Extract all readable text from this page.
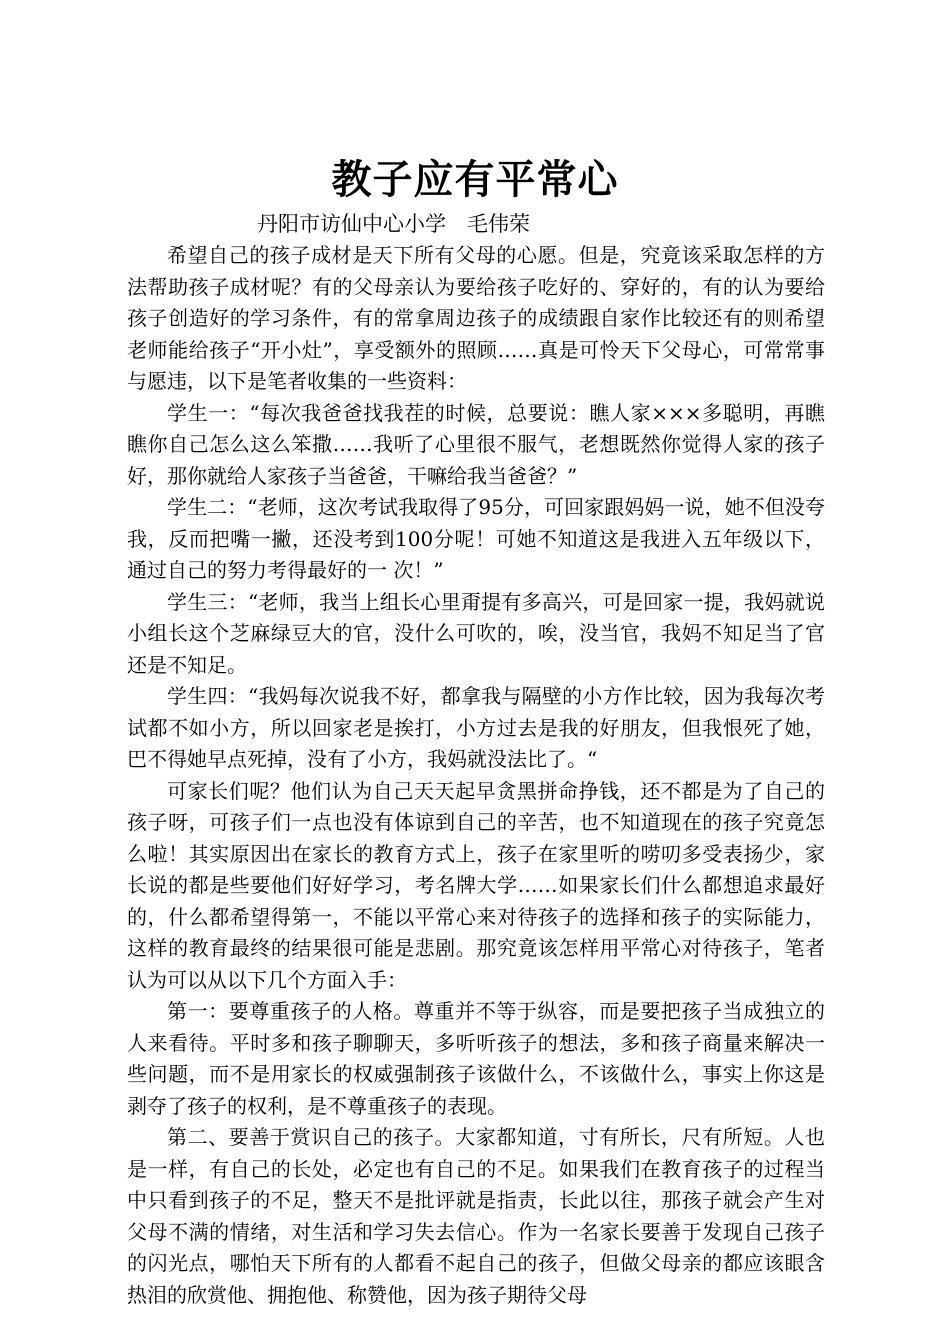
教子应有平常心
丹阳市访仙中心小学　毛伟荣

希望自己的孩子成材是天下所有父母的心愿。但是，究竟该采取怎样的方法帮助孩子成材呢？有的父母亲认为要给孩子吃好的、穿好的，有的认为要给孩子创造好的学习条件，有的常拿周边孩子的成绩跟自家作比较还有的则希望老师能给孩子“开小灶”，享受额外的照顾……真是可怜天下父母心，可常常事与愿违，以下是笔者收集的一些资料：

学生一：“每次我爸爸找我茬的时候，总要说：瞧人家×××多聪明，再瞧瞧你自己怎么这么笨撒……我听了心里很不服气，老想既然你觉得人家的孩子好，那你就给人家孩子当爸爸，干嘛给我当爸爸？”

学生二：“老师，这次考试我取得了95分，可回家跟妈妈一说，她不但没夸我，反而把嘴一撇，还没考到100分呢！可她不知道这是我进入五年级以下，通过自己的努力考得最好的一 次！”

学生三：“老师，我当上组长心里甭提有多高兴，可是回家一提，我妈就说小组长这个芝麻绿豆大的官，没什么可吹的，唉，没当官，我妈不知足当了官还是不知足。

学生四：“我妈每次说我不好，都拿我与隔壁的小方作比较，因为我每次考试都不如小方，所以回家老是挨打，小方过去是我的好朋友，但我恨死了她，巴不得她早点死掉，没有了小方，我妈就没法比了。“

可家长们呢？他们认为自己天天起早贪黑拼命挣钱，还不都是为了自己的孩子呀，可孩子们一点也没有体谅到自己的辛苦，也不知道现在的孩子究竟怎么啦！其实原因出在家长的教育方式上，孩子在家里听的唠叨多受表扬少，家长说的都是些要他们好好学习，考名牌大学……如果家长们什么都想追求最好的，什么都希望得第一，不能以平常心来对待孩子的选择和孩子的实际能力，这样的教育最终的结果很可能是悲剧。那究竟该怎样用平常心对待孩子，笔者认为可以从以下几个方面入手：

第一：要尊重孩子的人格。尊重并不等于纵容，而是要把孩子当成独立的人来看待。平时多和孩子聊聊天，多听听孩子的想法，多和孩子商量来解决一些问题，而不是用家长的权威强制孩子该做什么，不该做什么，事实上你这是剥夺了孩子的权利，是不尊重孩子的表现。

第二、要善于赏识自己的孩子。大家都知道，寸有所长，尺有所短。人也是一样，有自己的长处，必定也有自己的不足。如果我们在教育孩子的过程当中只看到孩子的不足，整天不是批评就是指责，长此以往，那孩子就会产生对父母不满的情绪，对生活和学习失去信心。作为一名家长要善于发现自己孩子的闪光点，哪怕天下所有的人都看不起自己的孩子，但做父母亲的都应该眼含热泪的欣赏他、拥抱他、称赞他，因为孩子期待父母
